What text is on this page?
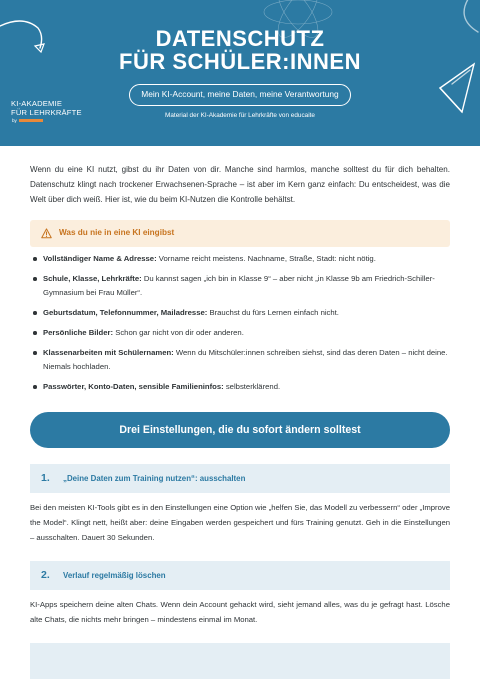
DATENSCHUTZ
FÜR SCHÜLER:INNEN
Mein KI-Account, meine Daten, meine Verantwortung
Material der KI-Akademie für Lehrkräfte von educaite
KI-AKADEMIE
FÜR LEHRKRÄFTE
by

Wenn du eine KI nutzt, gibst du ihr Daten von dir. Manche sind harmlos, manche solltest du für dich behalten. Datenschutz klingt nach trockener Erwachsenen-Sprache – ist aber im Kern ganz einfach: Du entscheidest, was die Welt über dich weiß. Hier ist, wie du beim KI-Nutzen die Kontrolle behältst.

Was du nie in eine KI eingibst
Vollständiger Name & Adresse: Vorname reicht meistens. Nachname, Straße, Stadt: nicht nötig.
Schule, Klasse, Lehrkräfte: Du kannst sagen „ich bin in Klasse 9“ – aber nicht „in Klasse 9b am Friedrich-Schiller-Gymnasium bei Frau Müller“.
Geburtsdatum, Telefonnummer, Mailadresse: Brauchst du fürs Lernen einfach nicht.
Persönliche Bilder: Schon gar nicht von dir oder anderen.
Klassenarbeiten mit Schülernamen: Wenn du Mitschüler:innen schreiben siehst, sind das deren Daten – nicht deine. Niemals hochladen.
Passwörter, Konto-Daten, sensible Familieninfos: selbsterklärend.
Drei Einstellungen, die du sofort ändern solltest
1. „Deine Daten zum Training nutzen“: ausschalten

Bei den meisten KI-Tools gibt es in den Einstellungen eine Option wie „helfen Sie, das Modell zu verbessern“ oder „Improve the Model“. Klingt nett, heißt aber: deine Eingaben werden gespeichert und fürs Training genutzt. Geh in die Einstellungen – ausschalten. Dauert 30 Sekunden.

2. Verlauf regelmäßig löschen

KI-Apps speichern deine alten Chats. Wenn dein Account gehackt wird, sieht jemand alles, was du je gefragt hast. Lösche alte Chats, die nichts mehr bringen – mindestens einmal im Monat.
